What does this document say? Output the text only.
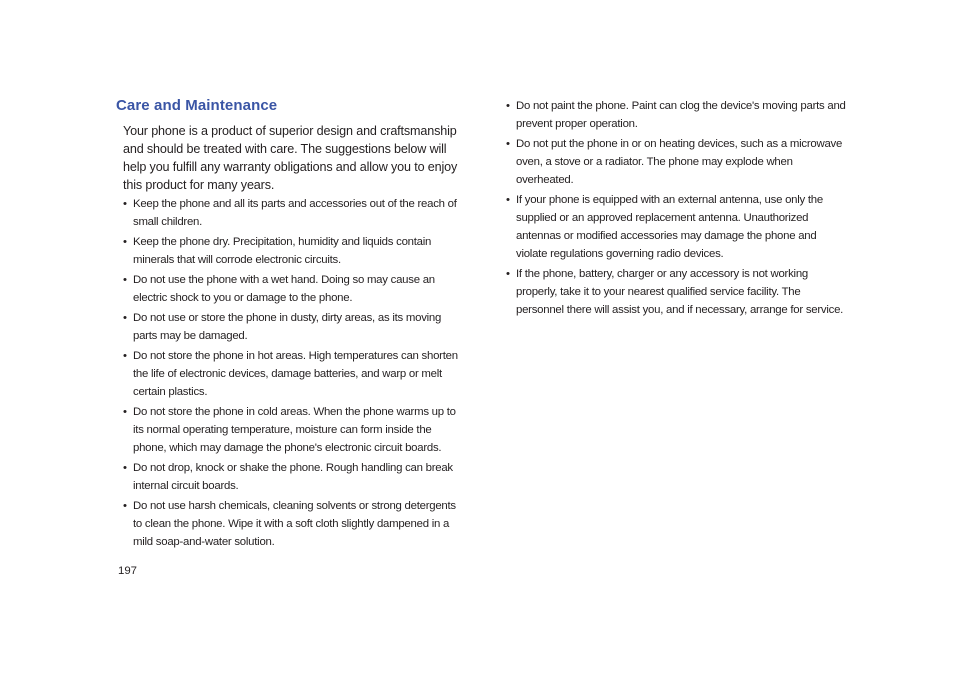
Care and Maintenance

Your phone is a product of superior design and craftsmanship and should be treated with care. The suggestions below will help you fulfill any warranty obligations and allow you to enjoy this product for many years.

• Keep the phone and all its parts and accessories out of the reach of small children.
• Keep the phone dry. Precipitation, humidity and liquids contain minerals that will corrode electronic circuits.
• Do not use the phone with a wet hand. Doing so may cause an electric shock to you or damage to the phone.
• Do not use or store the phone in dusty, dirty areas, as its moving parts may be damaged.
• Do not store the phone in hot areas. High temperatures can shorten the life of electronic devices, damage batteries, and warp or melt certain plastics.
• Do not store the phone in cold areas. When the phone warms up to its normal operating temperature, moisture can form inside the phone, which may damage the phone's electronic circuit boards.
• Do not drop, knock or shake the phone. Rough handling can break internal circuit boards.
• Do not use harsh chemicals, cleaning solvents or strong detergents to clean the phone. Wipe it with a soft cloth slightly dampened in a mild soap-and-water solution.
• Do not paint the phone. Paint can clog the device's moving parts and prevent proper operation.
• Do not put the phone in or on heating devices, such as a microwave oven, a stove or a radiator. The phone may explode when overheated.
• If your phone is equipped with an external antenna, use only the supplied or an approved replacement antenna. Unauthorized antennas or modified accessories may damage the phone and violate regulations governing radio devices.
• If the phone, battery, charger or any accessory is not working properly, take it to your nearest qualified service facility. The personnel there will assist you, and if necessary, arrange for service.

197
